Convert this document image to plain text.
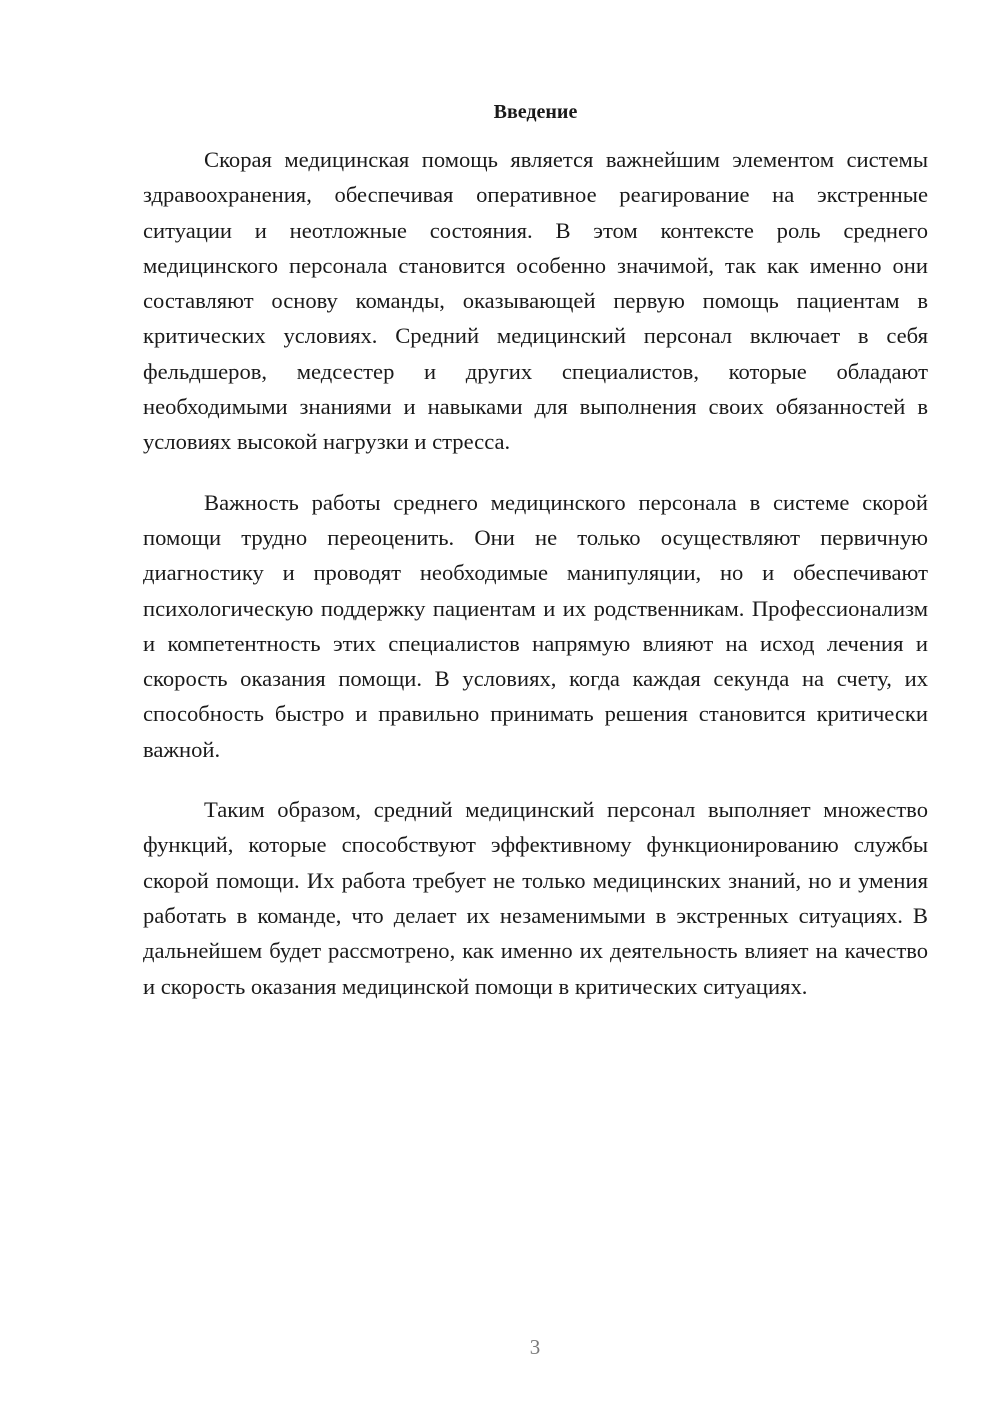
Введение

Скорая медицинская помощь является важнейшим элементом системы здравоохранения, обеспечивая оперативное реагирование на экстренные ситуации и неотложные состояния. В этом контексте роль среднего медицинского персонала становится особенно значимой, так как именно они составляют основу команды, оказывающей первую помощь пациентам в критических условиях. Средний медицинский персонал включает в себя фельдшеров, медсестер и других специалистов, которые обладают необходимыми знаниями и навыками для выполнения своих обязанностей в условиях высокой нагрузки и стресса.

Важность работы среднего медицинского персонала в системе скорой помощи трудно переоценить. Они не только осуществляют первичную диагностику и проводят необходимые манипуляции, но и обеспечивают психологическую поддержку пациентам и их родственникам. Профессионализм и компетентность этих специалистов напрямую влияют на исход лечения и скорость оказания помощи. В условиях, когда каждая секунда на счету, их способность быстро и правильно принимать решения становится критически важной.

Таким образом, средний медицинский персонал выполняет множество функций, которые способствуют эффективному функционированию службы скорой помощи. Их работа требует не только медицинских знаний, но и умения работать в команде, что делает их незаменимыми в экстренных ситуациях. В дальнейшем будет рассмотрено, как именно их деятельность влияет на качество и скорость оказания медицинской помощи в критических ситуациях.

3
